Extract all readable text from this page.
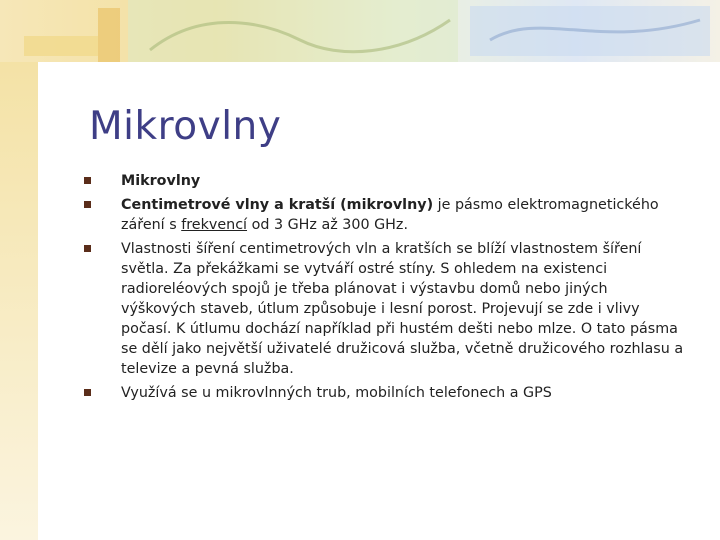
Mikrovlny
Mikrovlny
Centimetrové vlny a kratší (mikrovlny) je pásmo elektromagnetického záření s frekvencí od 3 GHz až 300 GHz.
Vlastnosti šíření centimetrových vln a kratších se blíží vlastnostem šíření světla. Za překážkami se vytváří ostré stíny. S ohledem na existenci radioreléových spojů je třeba plánovat i výstavbu domů nebo jiných výškových staveb, útlum způsobuje i lesní porost. Projevují se zde i vlivy počasí. K útlumu dochází například při hustém dešti nebo mlze. O tato pásma se dělí jako největší uživatelé družicová služba, včetně družicového rozhlasu a televize a pevná služba.
Využívá se u mikrovlnných trub, mobilních telefonech a GPS
